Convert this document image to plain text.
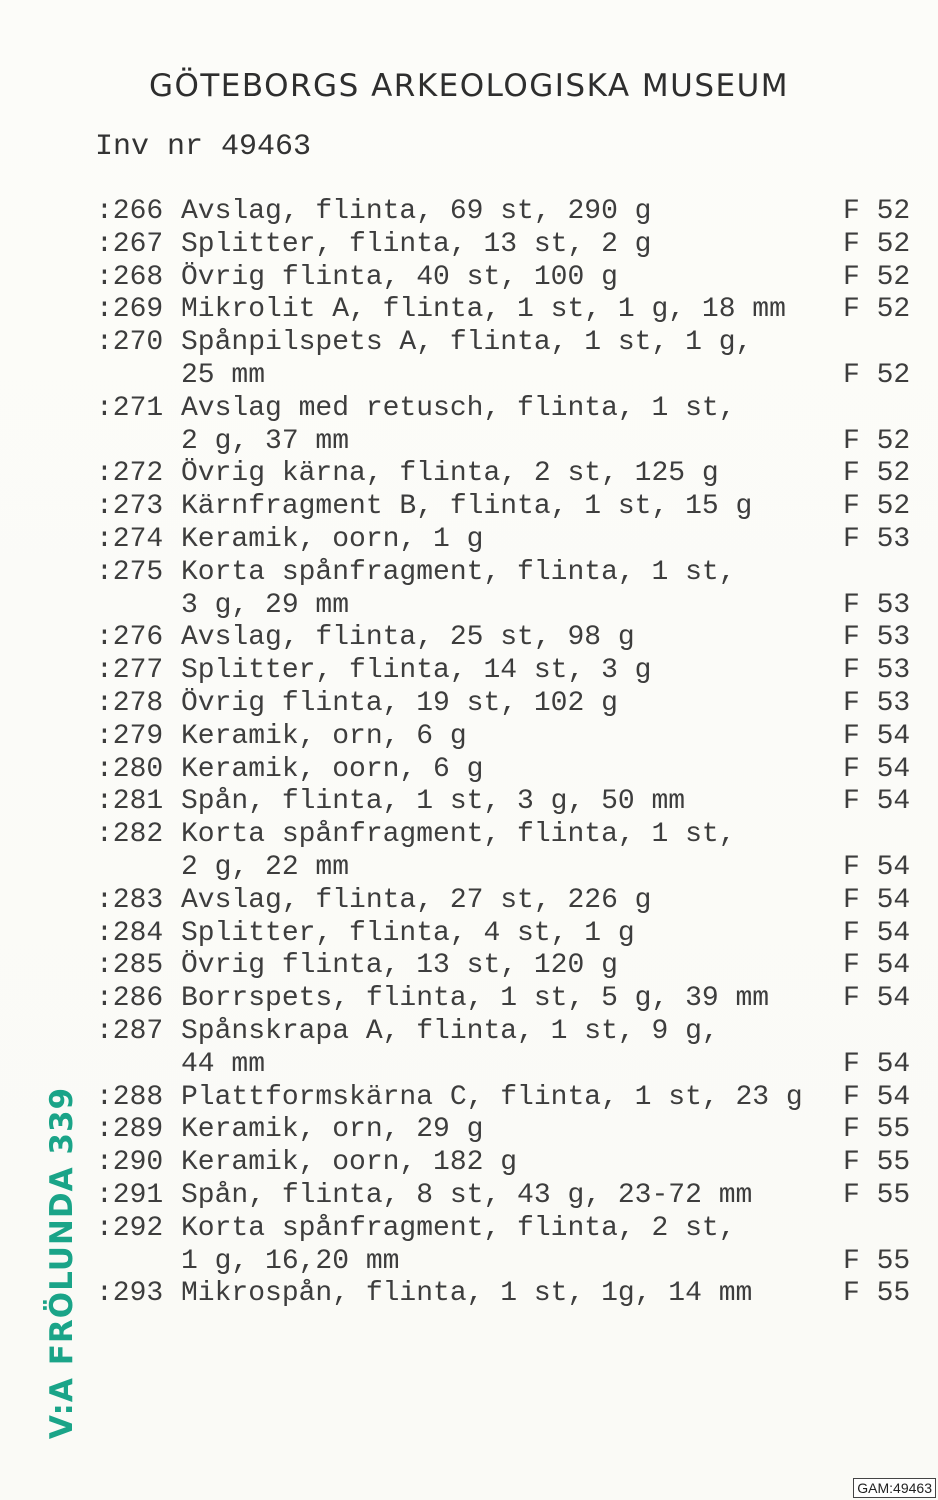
GÖTEBORGS ARKEOLOGISKA MUSEUM
Inv nr 49463
:266 Avslag, flinta, 69 st, 290 g	F 52
:267 Splitter, flinta, 13 st, 2 g	F 52
:268 Övrig flinta, 40 st, 100 g	F 52
:269 Mikrolit A, flinta, 1 st, 1 g, 18 mm F 52
:270 Spånpilspets A, flinta, 1 st, 1 g,
25 mm	F 52
:271 Avslag med retusch, flinta, 1 st,
2 g, 37 mm	F 52
:272 Övrig kärna, flinta, 2 st, 125 g	F 52
:273 Kärnfragment B, flinta, 1 st, 15 g	F 52
:274 Keramik, oorn, 1 g	F 53
:275 Korta spånfragment, flinta, 1 st,
3 g, 29 mm	F 53
:276 Avslag, flinta, 25 st, 98 g	F 53
:277 Splitter, flinta, 14 st, 3 g	F 53
:278 Övrig flinta, 19 st, 102 g	F 53
:279 Keramik, orn, 6 g	F 54
:280 Keramik, oorn, 6 g	F 54
:281 Spån, flinta, 1 st, 3 g, 50 mm	F 54
:282 Korta spånfragment, flinta, 1 st,
2 g, 22 mm	F 54
:283 Avslag, flinta, 27 st, 226 g	F 54
:284 Splitter, flinta, 4 st, 1 g	F 54
:285 Övrig flinta, 13 st, 120 g	F 54
:286 Borrspets, flinta, 1 st, 5 g, 39 mm	F 54
:287 Spånskrapa A, flinta, 1 st, 9 g,
44 mm	F 54
:288 Plattformskärna C, flinta, 1 st, 23 g F 54
:289 Keramik, orn, 29 g	F 55
:290 Keramik, oorn, 182 g	F 55
:291 Spån, flinta, 8 st, 43 g, 23-72 mm	F 55
:292 Korta spånfragment, flinta, 2 st,
1 g, 16,20 mm	F 55
:293 Mikrospån, flinta, 1 st, 1g, 14 mm	F 55
V:A FRÖLUNDA 339
GAM:49463
